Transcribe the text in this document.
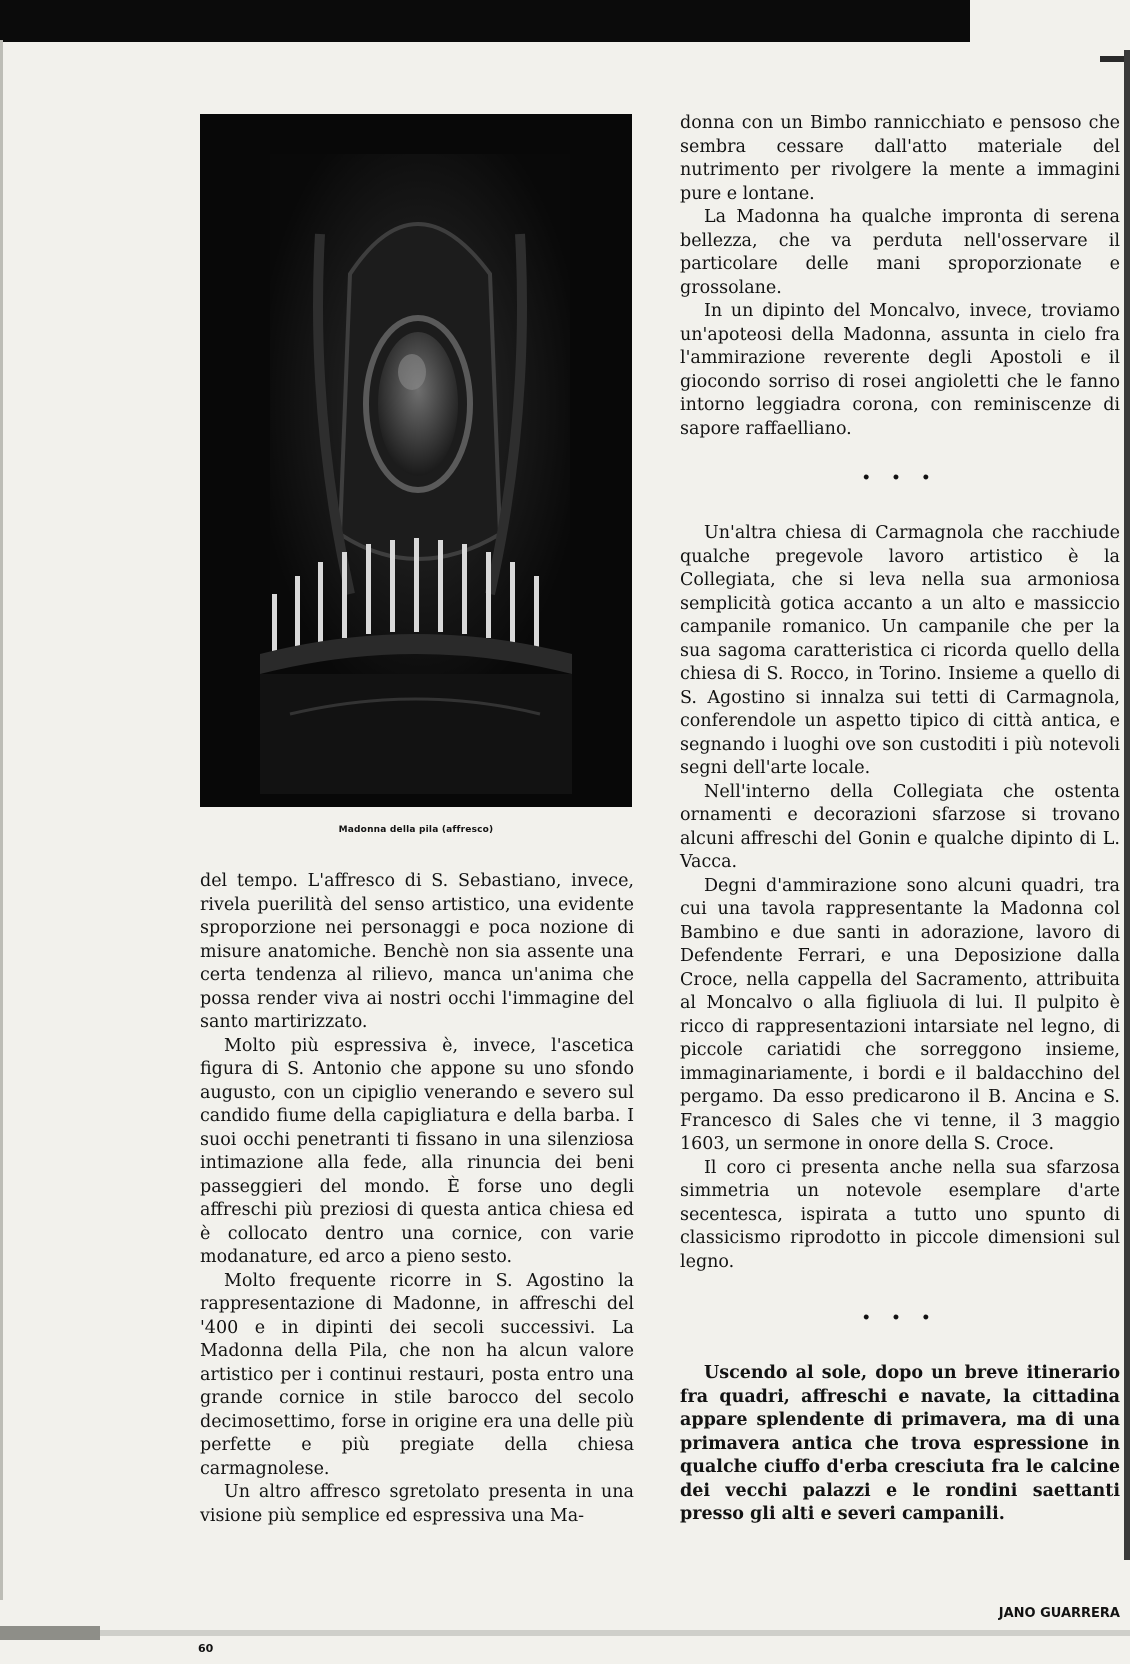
Madonna della pila (affresco)

del tempo. L'affresco di S. Sebastiano, invece, rivela puerilità del senso artistico, una evidente sproporzione nei personaggi e poca nozione di misure anatomiche. Benchè non sia assente una certa tendenza al rilievo, manca un'anima che possa render viva ai nostri occhi l'immagine del santo martirizzato.

Molto più espressiva è, invece, l'ascetica figura di S. Antonio che appone su uno sfondo augusto, con un cipiglio venerando e severo sul candido fiume della capigliatura e della barba. I suoi occhi penetranti ti fissano in una silenziosa intimazione alla fede, alla rinuncia dei beni passeggieri del mondo. È forse uno degli affreschi più preziosi di questa antica chiesa ed è collocato dentro una cornice, con varie modanature, ed arco a pieno sesto.

Molto frequente ricorre in S. Agostino la rappresentazione di Madonne, in affreschi del '400 e in dipinti dei secoli successivi. La Madonna della Pila, che non ha alcun valore artistico per i continui restauri, posta entro una grande cornice in stile barocco del secolo decimosettimo, forse in origine era una delle più perfette e più pregiate della chiesa carmagnolese.

Un altro affresco sgretolato presenta in una visione più semplice ed espressiva una Ma-

donna con un Bimbo rannicchiato e pensoso che sembra cessare dall'atto materiale del nutrimento per rivolgere la mente a immagini pure e lontane.

La Madonna ha qualche impronta di serena bellezza, che va perduta nell'osservare il particolare delle mani sproporzionate e grossolane.

In un dipinto del Moncalvo, invece, troviamo un'apoteosi della Madonna, assunta in cielo fra l'ammirazione reverente degli Apostoli e il giocondo sorriso di rosei angioletti che le fanno intorno leggiadra corona, con reminiscenze di sapore raffaelliano.

• • •

Un'altra chiesa di Carmagnola che racchiude qualche pregevole lavoro artistico è la Collegiata, che si leva nella sua armoniosa semplicità gotica accanto a un alto e massiccio campanile romanico. Un campanile che per la sua sagoma caratteristica ci ricorda quello della chiesa di S. Rocco, in Torino. Insieme a quello di S. Agostino si innalza sui tetti di Carmagnola, conferendole un aspetto tipico di città antica, e segnando i luoghi ove son custoditi i più notevoli segni dell'arte locale.

Nell'interno della Collegiata che ostenta ornamenti e decorazioni sfarzose si trovano alcuni affreschi del Gonin e qualche dipinto di L. Vacca.

Degni d'ammirazione sono alcuni quadri, tra cui una tavola rappresentante la Madonna col Bambino e due santi in adorazione, lavoro di Defendente Ferrari, e una Deposizione dalla Croce, nella cappella del Sacramento, attribuita al Moncalvo o alla figliuola di lui. Il pulpito è ricco di rappresentazioni intarsiate nel legno, di piccole cariatidi che sorreggono insieme, immaginariamente, i bordi e il baldacchino del pergamo. Da esso predicarono il B. Ancina e S. Francesco di Sales che vi tenne, il 3 maggio 1603, un sermone in onore della S. Croce.

Il coro ci presenta anche nella sua sfarzosa simmetria un notevole esemplare d'arte secentesca, ispirata a tutto uno spunto di classicismo riprodotto in piccole dimensioni sul legno.

• • •

Uscendo al sole, dopo un breve itinerario fra quadri, affreschi e navate, la cittadina appare splendente di primavera, ma di una primavera antica che trova espressione in qualche ciuffo d'erba cresciuta fra le calcine dei vecchi palazzi e le rondini saettanti presso gli alti e severi campanili.

JANO GUARRERA
60
